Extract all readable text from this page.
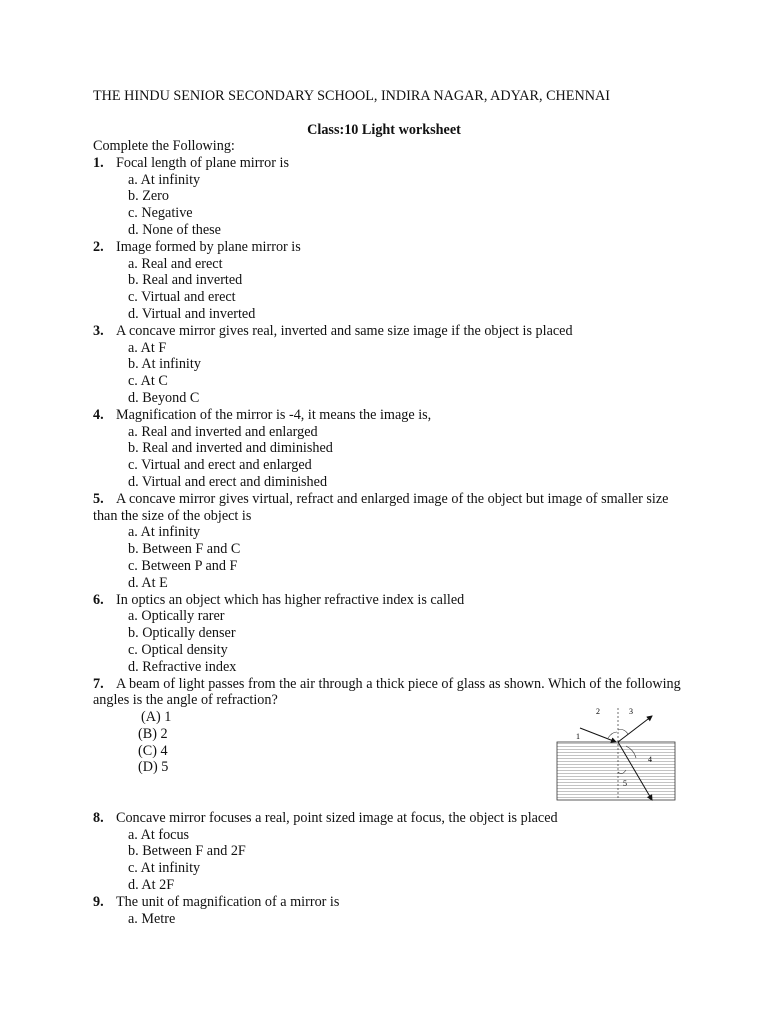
THE HINDU SENIOR SECONDARY SCHOOL, INDIRA NAGAR, ADYAR, CHENNAI
Class:10 Light worksheet
Complete the Following:
1. Focal length of plane mirror is
a. At infinity
b. Zero
c. Negative
d. None of these
2. Image formed by plane mirror is
a. Real and erect
b. Real and inverted
c. Virtual and erect
d. Virtual and inverted
3. A concave mirror gives real, inverted and same size image if the object is placed
a. At F
b. At infinity
c. At C
d. Beyond C
4. Magnification of the mirror is -4, it means the image is,
a. Real and inverted and enlarged
b. Real and inverted and diminished
c. Virtual and erect and enlarged
d. Virtual and erect and diminished
5. A concave mirror gives virtual, refract and enlarged image of the object but image of smaller size than the size of the object is
a. At infinity
b. Between F and C
c. Between P and F
d. At E
6. In optics an object which has higher refractive index is called
a. Optically rarer
b. Optically denser
c. Optical density
d. Refractive index
7. A beam of light passes from the air through a thick piece of glass as shown. Which of the following angles is the angle of refraction?
(A) 1
(B) 2
(C) 4
(D) 5
8. Concave mirror focuses a real, point sized image at focus, the object is placed
a. At focus
b. Between F and 2F
c. At infinity
d. At 2F
9. The unit of magnification of a mirror is
a. Metre
1
2	3
4
5
